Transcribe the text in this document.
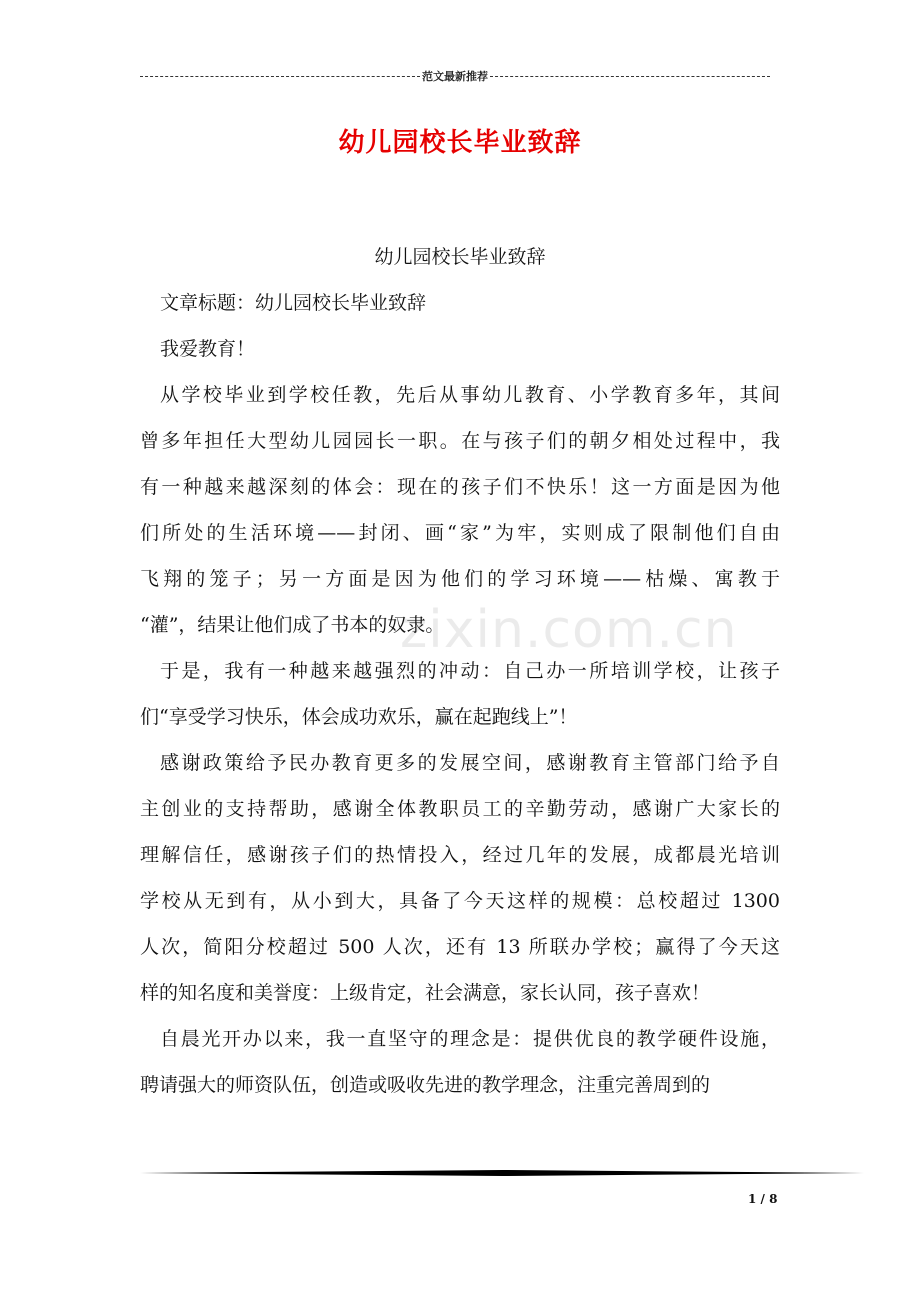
范文最新推荐
幼儿园校长毕业致辞
zixin.com.cn
幼儿园校长毕业致辞
文章标题：幼儿园校长毕业致辞
我爱教育！
从学校毕业到学校任教，先后从事幼儿教育、小学教育多年，其间
曾多年担任大型幼儿园园长一职。在与孩子们的朝夕相处过程中，我
有一种越来越深刻的体会：现在的孩子们不快乐！这一方面是因为他
们所处的生活环境——封闭、画“家”为牢，实则成了限制他们自由
飞翔的笼子；另一方面是因为他们的学习环境——枯燥、寓教于
“灌”，结果让他们成了书本的奴隶。
于是，我有一种越来越强烈的冲动：自己办一所培训学校，让孩子
们“享受学习快乐，体会成功欢乐，赢在起跑线上”！
感谢政策给予民办教育更多的发展空间，感谢教育主管部门给予自
主创业的支持帮助，感谢全体教职员工的辛勤劳动，感谢广大家长的
理解信任，感谢孩子们的热情投入，经过几年的发展，成都晨光培训
学校从无到有，从小到大，具备了今天这样的规模：总校超过 1300
人次，简阳分校超过 500 人次，还有 13 所联办学校；赢得了今天这
样的知名度和美誉度：上级肯定，社会满意，家长认同，孩子喜欢！
自晨光开办以来，我一直坚守的理念是：提供优良的教学硬件设施，
聘请强大的师资队伍，创造或吸收先进的教学理念，注重完善周到的
1 / 8
